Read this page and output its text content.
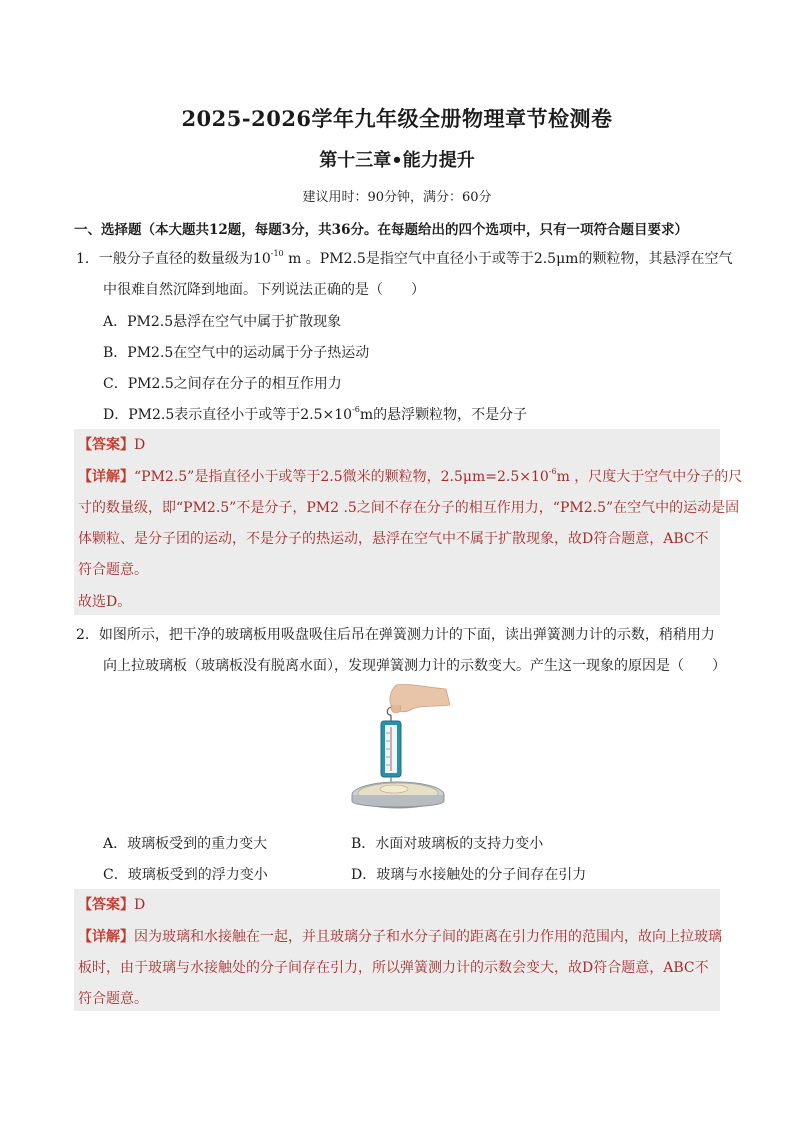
2025-2026学年九年级全册物理章节检测卷
第十三章•能力提升
建议用时：90分钟，满分：60分
一、选择题（本大题共12题，每题3分，共36分。在每题给出的四个选项中，只有一项符合题目要求）
1．一般分子直径的数量级为$10^{-10}$ m 。PM2.5是指空气中直径小于或等于2.5μm的颗粒物，其悬浮在空气
中很难自然沉降到地面。下列说法正确的是（　　）
A．PM2.5悬浮在空气中属于扩散现象
B．PM2.5在空气中的运动属于分子热运动
C．PM2.5之间存在分子的相互作用力
D．PM2.5表示直径小于或等于$2.5\times 10^{-6}m$的悬浮颗粒物，不是分子
【答案】D
【详解】“PM2.5”是指直径小于或等于2.5微米的颗粒物，$2.5\mu m=2.5\times 10^{-6}m$ ，尺度大于空气中分子的尺
寸的数量级，即“PM2.5”不是分子，PM2 .5之间不存在分子的相互作用力，“PM2.5”在空气中的运动是固
体颗粒、是分子团的运动，不是分子的热运动，悬浮在空气中不属于扩散现象，故D符合题意，ABC不
符合题意。
故选D。
2．如图所示，把干净的玻璃板用吸盘吸住后吊在弹簧测力计的下面，读出弹簧测力计的示数，稍稍用力
向上拉玻璃板（玻璃板没有脱离水面），发现弹簧测力计的示数变大。产生这一现象的原因是（　　）
A．玻璃板受到的重力变大	B．水面对玻璃板的支持力变小
C．玻璃板受到的浮力变小	D．玻璃与水接触处的分子间存在引力
【答案】D
【详解】因为玻璃和水接触在一起，并且玻璃分子和水分子间的距离在引力作用的范围内，故向上拉玻璃
板时，由于玻璃与水接触处的分子间存在引力，所以弹簧测力计的示数会变大，故D符合题意，ABC不
符合题意。
